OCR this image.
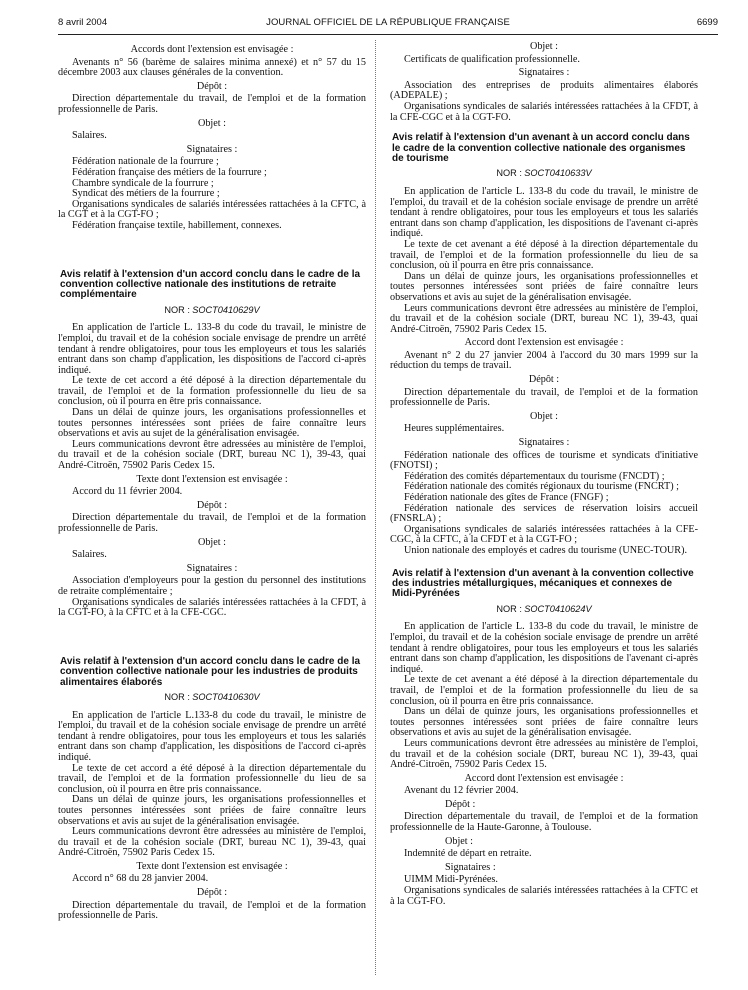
8 avril 2004	JOURNAL OFFICIEL DE LA RÉPUBLIQUE FRANÇAISE	6699

Accords dont l'extension est envisagée :

Avenants n° 56 (barème de salaires minima annexé) et n° 57 du 15 décembre 2003 aux clauses générales de la convention.

Dépôt :

Direction départementale du travail, de l'emploi et de la formation professionnelle de Paris.

Objet :

Salaires.

Signataires :

Fédération nationale de la fourrure ;

Fédération française des métiers de la fourrure ;

Chambre syndicale de la fourrure ;

Syndicat des métiers de la fourrure ;

Organisations syndicales de salariés intéressées rattachées à la CFTC, à la CGT et à la CGT-FO ;

Fédération française textile, habillement, connexes.

Avis relatif à l'extension d'un accord conclu dans le cadre de la convention collective nationale des institutions de retraite complémentaire

NOR : SOCT0410629V

En application de l'article L. 133-8 du code du travail, le ministre de l'emploi, du travail et de la cohésion sociale envisage de prendre un arrêté tendant à rendre obligatoires, pour tous les employeurs et tous les salariés entrant dans son champ d'application, les dispositions de l'accord ci-après indiqué.

Le texte de cet accord a été déposé à la direction départementale du travail, de l'emploi et de la formation professionnelle du lieu de sa conclusion, où il pourra en être pris connaissance.

Dans un délai de quinze jours, les organisations professionnelles et toutes personnes intéressées sont priées de faire connaître leurs observations et avis au sujet de la généralisation envisagée.

Leurs communications devront être adressées au ministère de l'emploi, du travail et de la cohésion sociale (DRT, bureau NC 1), 39-43, quai André-Citroën, 75902 Paris Cedex 15.

Texte dont l'extension est envisagée :

Accord du 11 février 2004.

Dépôt :

Direction départementale du travail, de l'emploi et de la formation professionnelle de Paris.

Objet :

Salaires.

Signataires :

Association d'employeurs pour la gestion du personnel des institutions de retraite complémentaire ;

Organisations syndicales de salariés intéressées rattachées à la CFDT, à la CGT-FO, à la CFTC et à la CFE-CGC.

Avis relatif à l'extension d'un accord conclu dans le cadre de la convention collective nationale pour les industries de produits alimentaires élaborés

NOR : SOCT0410630V

En application de l'article L.133-8 du code du travail, le ministre de l'emploi, du travail et de la cohésion sociale envisage de prendre un arrêté tendant à rendre obligatoires, pour tous les employeurs et tous les salariés entrant dans son champ d'application, les dispositions de l'accord ci-après indiqué.

Le texte de cet accord a été déposé à la direction départementale du travail, de l'emploi et de la formation professionnelle du lieu de sa conclusion, où il pourra en être pris connaissance.

Dans un délai de quinze jours, les organisations professionnelles et toutes personnes intéressées sont priées de faire connaître leurs observations et avis au sujet de la généralisation envisagée.

Leurs communications devront être adressées au ministère de l'emploi, du travail et de la cohésion sociale (DRT, bureau NC 1), 39-43, quai André-Citroën, 75902 Paris Cedex 15.

Texte dont l'extension est envisagée :

Accord n° 68 du 28 janvier 2004.

Dépôt :

Direction départementale du travail, de l'emploi et de la formation professionnelle de Paris.

Objet :

Certificats de qualification professionnelle.

Signataires :

Association des entreprises de produits alimentaires élaborés (ADEPALE) ;

Organisations syndicales de salariés intéressées rattachées à la CFDT, à la CFE-CGC et à la CGT-FO.

Avis relatif à l'extension d'un avenant à un accord conclu dans le cadre de la convention collective nationale des organismes de tourisme

NOR : SOCT0410633V

En application de l'article L. 133-8 du code du travail, le ministre de l'emploi, du travail et de la cohésion sociale envisage de prendre un arrêté tendant à rendre obligatoires, pour tous les employeurs et tous les salariés entrant dans son champ d'application, les dispositions de l'avenant ci-après indiqué.

Le texte de cet avenant a été déposé à la direction départementale du travail, de l'emploi et de la formation professionnelle du lieu de sa conclusion, où il pourra en être pris connaissance.

Dans un délai de quinze jours, les organisations professionnelles et toutes personnes intéressées sont priées de faire connaître leurs observations et avis au sujet de la généralisation envisagée.

Leurs communications devront être adressées au ministère de l'emploi, du travail et de la cohésion sociale (DRT, bureau NC 1), 39-43, quai André-Citroën, 75902 Paris Cedex 15.

Accord dont l'extension est envisagée :

Avenant n° 2 du 27 janvier 2004 à l'accord du 30 mars 1999 sur la réduction du temps de travail.

Dépôt :

Direction départementale du travail, de l'emploi et de la formation professionnelle de Paris.

Objet :

Heures supplémentaires.

Signataires :

Fédération nationale des offices de tourisme et syndicats d'initiative (FNOTSI) ;

Fédération des comités départementaux du tourisme (FNCDT) ;

Fédération nationale des comités régionaux du tourisme (FNCRT) ;

Fédération nationale des gîtes de France (FNGF) ;

Fédération nationale des services de réservation loisirs accueil (FNSRLA) ;

Organisations syndicales de salariés intéressées rattachées à la CFE-CGC, à la CFTC, à la CFDT et à la CGT-FO ;

Union nationale des employés et cadres du tourisme (UNEC-TOUR).

Avis relatif à l'extension d'un avenant à la convention collective des industries métallurgiques, mécaniques et connexes de Midi-Pyrénées

NOR : SOCT0410624V

En application de l'article L. 133-8 du code du travail, le ministre de l'emploi, du travail et de la cohésion sociale envisage de prendre un arrêté tendant à rendre obligatoires, pour tous les employeurs et tous les salariés entrant dans son champ d'application, les dispositions de l'avenant ci-après indiqué.

Le texte de cet avenant a été déposé à la direction départementale du travail, de l'emploi et de la formation professionnelle du lieu de sa conclusion, où il pourra en être pris connaissance.

Dans un délai de quinze jours, les organisations professionnelles et toutes personnes intéressées sont priées de faire connaître leurs observations et avis au sujet de la généralisation envisagée.

Leurs communications devront être adressées au ministère de l'emploi, du travail et de la cohésion sociale (DRT, bureau NC 1), 39-43, quai André-Citroën, 75902 Paris Cedex 15.

Accord dont l'extension est envisagée :

Avenant du 12 février 2004.

Dépôt :

Direction départementale du travail, de l'emploi et de la formation professionnelle de la Haute-Garonne, à Toulouse.

Objet :

Indemnité de départ en retraite.

Signataires :

UIMM Midi-Pyrénées.

Organisations syndicales de salariés intéressées rattachées à la CFTC et à la CGT-FO.
